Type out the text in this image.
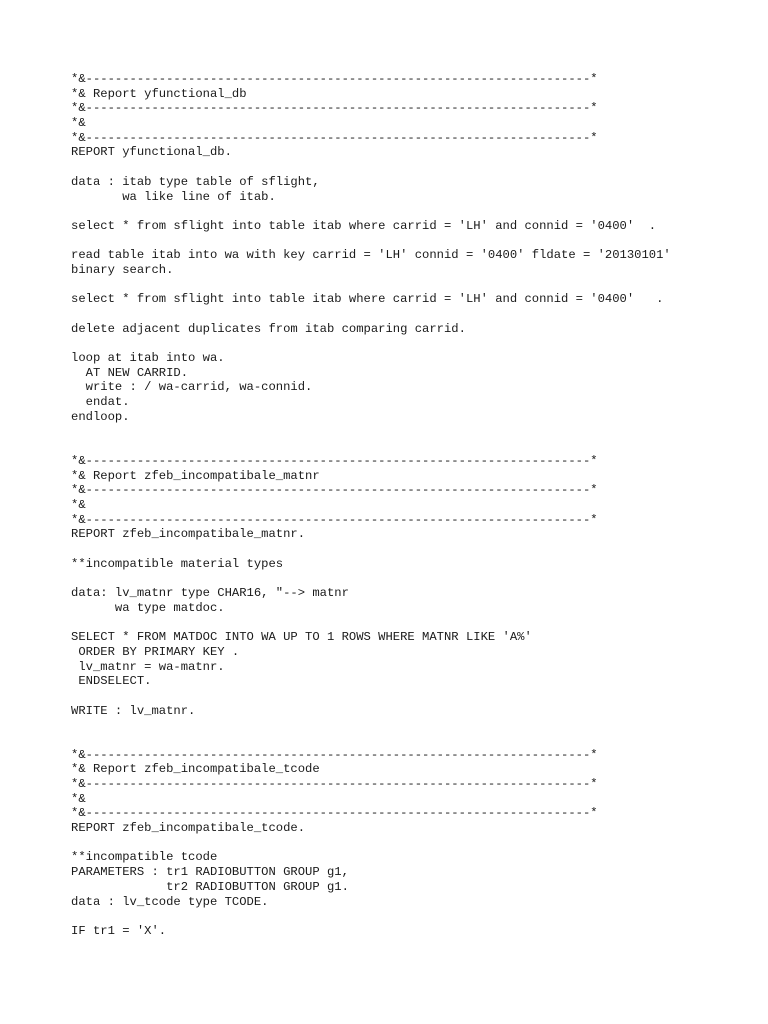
*&---------------------------------------------------------------------*
*& Report yfunctional_db
*&---------------------------------------------------------------------*
*&
*&---------------------------------------------------------------------*
REPORT yfunctional_db.
data : itab type table of sflight,
wa like line of itab.
select * from sflight into table itab where carrid = 'LH' and connid = '0400'  .
read table itab into wa with key carrid = 'LH' connid = '0400' fldate = '20130101'
binary search.
select * from sflight into table itab where carrid = 'LH' and connid = '0400'   .
delete adjacent duplicates from itab comparing carrid.
loop at itab into wa.
AT NEW CARRID.
write : / wa-carrid, wa-connid.
endat.
endloop.
*&---------------------------------------------------------------------*
*& Report zfeb_incompatibale_matnr
*&---------------------------------------------------------------------*
*&
*&---------------------------------------------------------------------*
REPORT zfeb_incompatibale_matnr.
**incompatible material types
data: lv_matnr type CHAR16, "--> matnr
wa type matdoc.
SELECT * FROM MATDOC INTO WA UP TO 1 ROWS WHERE MATNR LIKE 'A%'
ORDER BY PRIMARY KEY .
lv_matnr = wa-matnr.
ENDSELECT.
WRITE : lv_matnr.
*&---------------------------------------------------------------------*
*& Report zfeb_incompatibale_tcode
*&---------------------------------------------------------------------*
*&
*&---------------------------------------------------------------------*
REPORT zfeb_incompatibale_tcode.
**incompatible tcode
PARAMETERS : tr1 RADIOBUTTON GROUP g1,
tr2 RADIOBUTTON GROUP g1.
data : lv_tcode type TCODE.
IF tr1 = 'X'.
